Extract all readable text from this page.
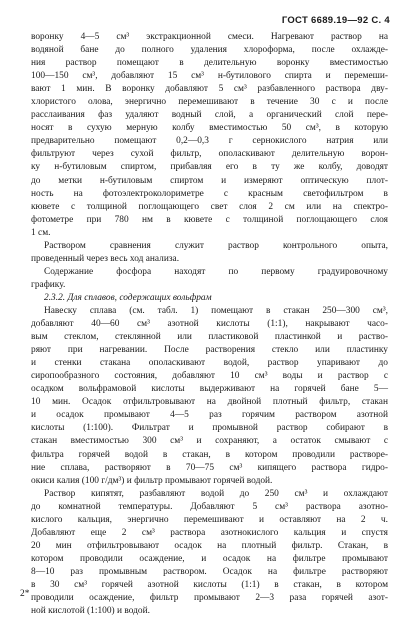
ГОСТ 6689.19—92 С. 4

воронку 4—5 см³ экстракционной смеси. Нагревают раствор на

водяной бане до полного удаления хлороформа, после охлажде-

ния раствор помещают в делительную воронку вместимостью

100—150 см³, добавляют 15 см³ н-бутилового спирта и перемеши-

вают 1 мин. В воронку добавляют 5 см³ разбавленного раствора дву-

хлористого олова, энергично перемешивают в течение 30 с и после

расслаивания фаз удаляют водный слой, а органический слой пере-

носят в сухую мерную колбу вместимостью 50 см³, в которую

предварительно помещают 0,2—0,3 г сернокислого натрия или

фильтруют через сухой фильтр, ополаскивают делительную ворон-

ку н-бутиловым спиртом, прибавляя его в ту же колбу, доводят

до метки н-бутиловым спиртом и измеряют оптическую плот-

ность на фотоэлектроколориметре с красным светофильтром в

кювете с толщиной поглощающего свет слоя 2 см или на спектро-

фотометре при 780 нм в кювете с толщиной поглощающего слоя

1 см.

Раствором сравнения служит раствор контрольного опыта,

проведенный через весь ход анализа.

Содержание фосфора находят по первому градуировочному

графику.

2.3.2. Для сплавов, содержащих вольфрам

Навеску сплава (см. табл. 1) помещают в стакан 250—300 см³,

добавляют 40—60 см³ азотной кислоты (1:1), накрывают часо-

вым стеклом, стеклянной или пластиковой пластинкой и раство-

ряют при нагревании. После растворения стекло или пластинку

и стенки стакана ополаскивают водой, раствор упаривают до

сиропообразного состояния, добавляют 10 см³ воды и раствор с

осадком вольфрамовой кислоты выдерживают на горячей бане 5—

10 мин. Осадок отфильтровывают на двойной плотный фильтр, стакан

и осадок промывают 4—5 раз горячим раствором азотной

кислоты (1:100). Фильтрат и промывной раствор собирают в

стакан вместимостью 300 см³ и сохраняют, а остаток смывают с

фильтра горячей водой в стакан, в котором проводили растворе-

ние сплава, растворяют в 70—75 см³ кипящего раствора гидро-

окиси калия (100 г/дм³) и фильтр промывают горячей водой.

Раствор кипятят, разбавляют водой до 250 см³ и охлаждают

до комнатной температуры. Добавляют 5 см³ раствора азотно-

кислого кальция, энергично перемешивают и оставляют на 2 ч.

Добавляют еще 2 см³ раствора азотнокислого кальция и спустя

20 мин отфильтровывают осадок на плотный фильтр. Стакан, в

котором проводили осаждение, и осадок на фильтре промывают

8—10 раз промывным раствором. Осадок на фильтре растворяют

в 30 см³ горячей азотной кислоты (1:1) в стакан, в котором

проводили осаждение, фильтр промывают 2—3 раза горячей азот-

ной кислотой (1:100) и водой.

2*
